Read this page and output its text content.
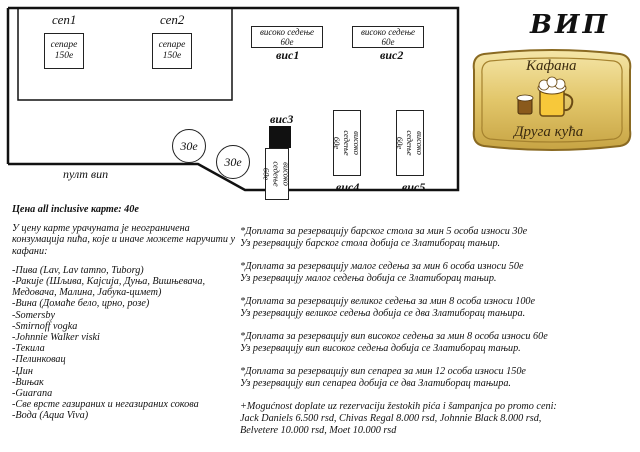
сеп1	сеп2
сепаре
150е
сепаре
150е
високо седење
60е
вис1
високо седење
60е
вис2
вис3
високо седење
60е
високо седење
60е
вис4
високо седење
60е
вис5
30е
30е
пулт вип
ВИП
Кафана
Друга кућа
Цена all inclusive карте: 40е
У цену карте урачуната је неограничена конзумација пића, које и иначе можете наручити у кафани:
-Пива (Lav, Lav tamno, Tuborg)
-Ракије (Шљива, Кајсија, Дуња, Вишњевача, Медовача, Малина, Јабука-цимет)
-Вина (Домаће бело, црно, розе)
-Somersby
-Smirnoff vogka
-Johnnie Walker viski
-Текила
-Пелинковац
-Џин
-Вињак
-Guarana
-Све врсте газираних и негазираних сокова
-Вода (Aqua Viva)
*Доплата за резервацију барског стола за мин 5 особа износи 30е
Уз резервацију барског стола добија се Златиборац тањир.
*Доплата за резервацију малог седења за мин 6 особа износи 50е
Уз резервацију малог седења добија се Златиборац тањир.
*Доплата за резервацију великог седења за мин 8 особа износи 100е
Уз резервацију великог седења добија се два Златиборац тањира.
*Доплата за резервацију вип високог седења за мин 8 особа износи 60е
Уз резервацију вип високог седења добија се Златиборац тањир.
*Доплата за резервацију вип сепареа за мин 12 особа износи 150е
Уз резервацију вип сепареа добија се два Златиборац тањира.
+Mogućnost doplate uz rezervaciju žestokih pića i šampanjca po promo ceni:
Jack Daniels 6.500 rsd, Chivas Regal 8.000 rsd, Johnnie Black 8.000 rsd,
Belvetere 10.000 rsd, Moet 10.000 rsd
